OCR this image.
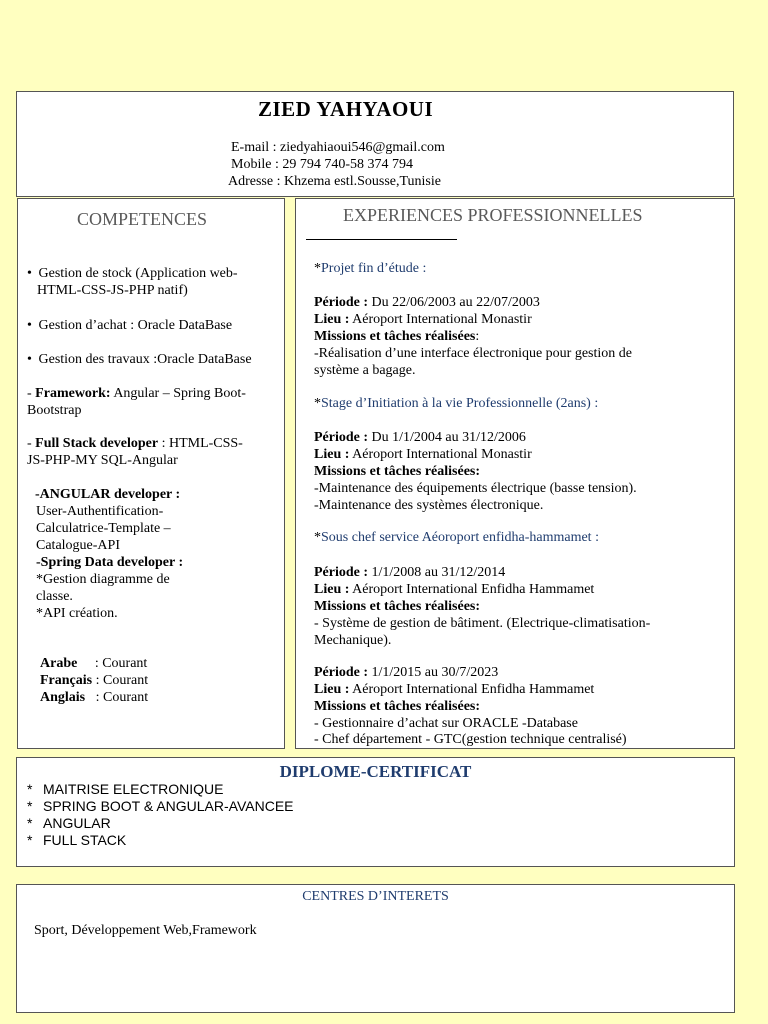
ZIED YAHYAOUI
E-mail : ziedyahiaoui546@gmail.com
Mobile : 29 794 740-58 374 794
Adresse : Khzema estl.Sousse,Tunisie
COMPETENCES
• Gestion de stock (Application web-
HTML-CSS-JS-PHP natif)
• Gestion d’achat : Oracle DataBase
• Gestion des travaux :Oracle DataBase
- Framework: Angular – Spring Boot-
Bootstrap
- Full Stack developer : HTML-CSS-
JS-PHP-MY SQL-Angular
-ANGULAR developer :
User-Authentification-
Calculatrice-Template –
Catalogue-API
-Spring Data developer :
*Gestion diagramme de
classe.
*API création.
Arabe     : Courant
Français : Courant
Anglais   : Courant
EXPERIENCES PROFESSIONNELLES
*Projet fin d’étude :
Période : Du 22/06/2003 au 22/07/2003
Lieu : Aéroport International Monastir
Missions et tâches réalisées:
-Réalisation d’une interface électronique pour gestion de
système a bagage.
*Stage d’Initiation à la vie Professionnelle (2ans) :
Période : Du 1/1/2004 au 31/12/2006
Lieu : Aéroport International Monastir
Missions et tâches réalisées:
-Maintenance des équipements électrique (basse tension).
-Maintenance des systèmes électronique.
*Sous chef service Aéoroport enfidha-hammamet :
Période : 1/1/2008 au 31/12/2014
Lieu : Aéroport International Enfidha Hammamet
Missions et tâches réalisées:
- Système de gestion de bâtiment. (Electrique-climatisation-
Mechanique).
Période : 1/1/2015 au 30/7/2023
Lieu : Aéroport International Enfidha Hammamet
Missions et tâches réalisées:
- Gestionnaire d’achat sur ORACLE -Database
- Chef département - GTC(gestion technique centralisé)
DIPLOME-CERTIFICAT
* MAITRISE ELECTRONIQUE
* SPRING BOOT & ANGULAR-AVANCEE
* ANGULAR
* FULL STACK
CENTRES D’INTERETS
Sport, Développement Web,Framework
